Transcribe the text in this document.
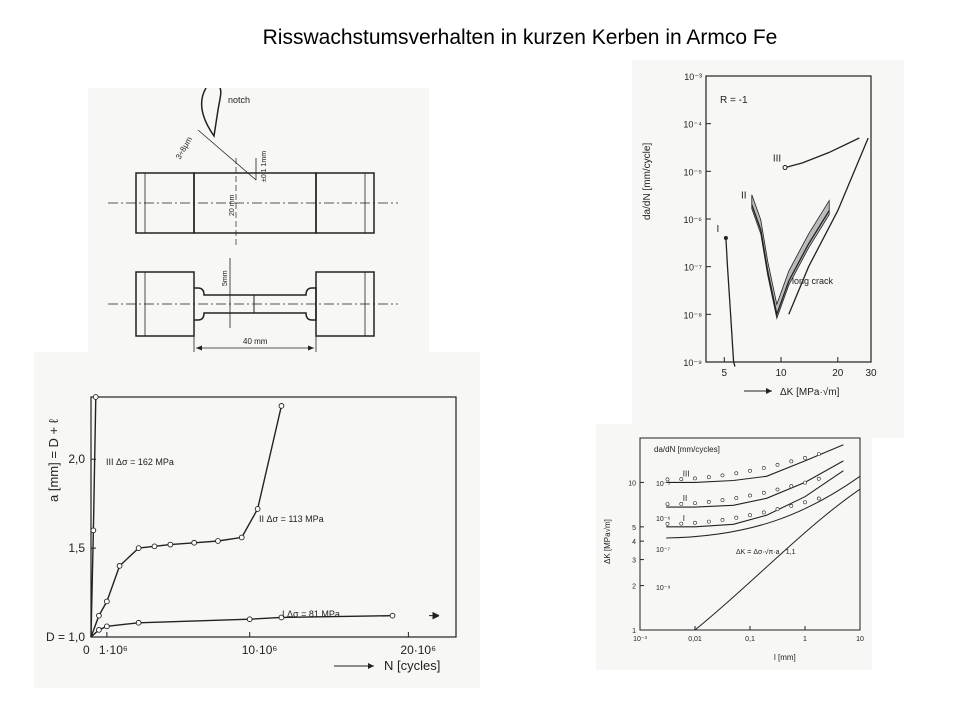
Risswachstumsverhalten in kurzen Kerben in Armco Fe
notch
3÷8μm
±0,1 1mm
20 mm
5mm
40 mm
0 1·10⁶	10·10⁶	20·10⁶
D = 1,0
1,5
2,0
a [mm] = D + ℓ
N [cycles]
III Δσ = 162 MPa
II Δσ = 113 MPa
I Δσ = 81 MPa
5	10	20 30
10⁻⁹
10⁻⁸
10⁻⁷
10⁻⁶
10⁻⁵
10⁻⁴
10⁻³
I
II
III
R = -1
long crack
da/dN [mm/cycle]
ΔK [MPa·√m]
10⁻³	0,01	0,1	1	10
1
2
3
4
5
10
III
II
I
da/dN [mm/cycles]
10⁻⁵
10⁻⁶
10⁻⁷
10⁻⁹
ΔK = Δσ·√π·a · 1,1
ΔK [MPa√m]
l [mm]
